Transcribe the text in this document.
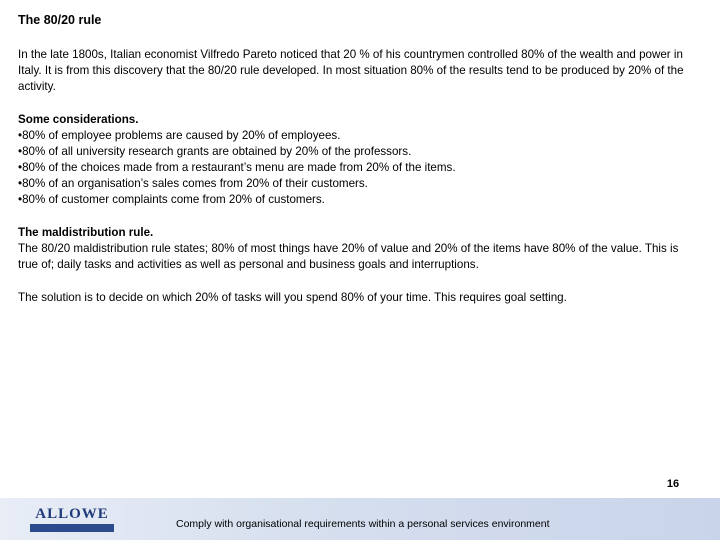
The 80/20 rule

In the late 1800s, Italian economist Vilfredo Pareto noticed that 20 % of his countrymen controlled 80% of the wealth and power in Italy. It is from this discovery that the 80/20 rule developed. In most situation 80% of the results tend to be produced by 20% of the activity.

Some considerations.
• 80% of employee problems are caused by 20% of employees.
• 80% of all university research grants are obtained by 20% of the professors.
• 80% of the choices made from a restaurant’s menu are made from 20% of the items.
• 80% of an organisation’s sales comes from 20% of their customers.
• 80% of customer complaints come from 20% of customers.
The maldistribution rule.
The 80/20 maldistribution rule states; 80% of most things have 20% of value and 20% of the items have 80% of the value. This is true of; daily tasks and activities as well as personal and business goals and interruptions.

The solution is to decide on which 20% of tasks will you spend 80% of your time. This requires goal setting.

ALLOWE
Comply with organisational requirements within a personal services environment
16
